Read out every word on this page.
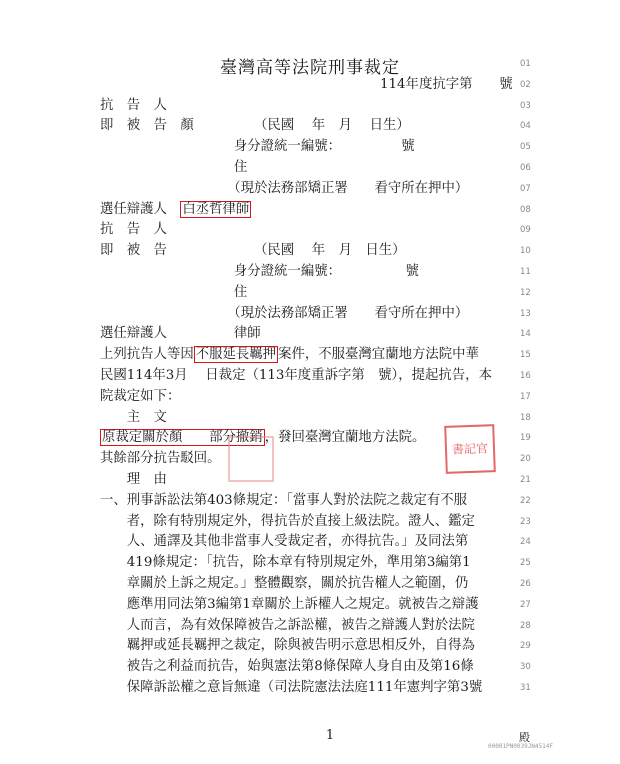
臺灣高等法院刑事裁定	01
114年度抗字第　　號 02
抗　告　人	03
即　被　告　顏　　　　　（民國　 年　月　 日生）	04
　　　　　　　　　　身分證統一編號：　　　　　號	05
　　　　　　　　　　住	06
　　　　　　　　　　（現於法務部矯正署　　看守所在押中）	07
選任辯護人　白丞哲律師	08
抗　告　人	09
即　被　告　　　　　　　（民國　 年　月　日生）	10
　　　　　　　　　　身分證統一編號：　　　　　 號	11
　　　　　　　　　　住	12
　　　　　　　　　　（現於法務部矯正署　　看守所在押中）	13
選任辯護人　　　　　律師	14
上列抗告人等因 不服延長羈押 案件，不服臺灣宜蘭地方法院中華	15
民國114年3月　 日裁定（113年度重訴字第　號），提起抗告，本	16
院裁定如下：	17
　　主　文	18
原裁定關於顏　　部分撤銷 ，發回臺灣宜蘭地方法院。	19
其餘部分抗告駁回。	20
　　理　由	21
一、刑事訴訟法第403條規定：「當事人對於法院之裁定有不服	22
　　者，除有特別規定外，得抗告於直接上級法院。證人、鑑定	23
　　人、通譯及其他非當事人受裁定者，亦得抗告。」及同法第	24
　　419條規定：「抗告，除本章有特別規定外，準用第3編第1	25
　　章關於上訴之規定。」整體觀察，關於抗告權人之範圍，仍	26
　　應準用同法第3編第1章關於上訴權人之規定。就被告之辯護	27
　　人而言，為有效保障被告之訴訟權，被告之辯護人對於法院	28
　　羈押或延長羈押之裁定，除與被告明示意思相反外，自得為	29
　　被告之利益而抗告，始與憲法第8條保障人身自由及第16條	30
　　保障訴訟權之意旨無違（司法院憲法法庭111年憲判字第3號	31
書記官
1	殿
00001PN0039JN4514F
